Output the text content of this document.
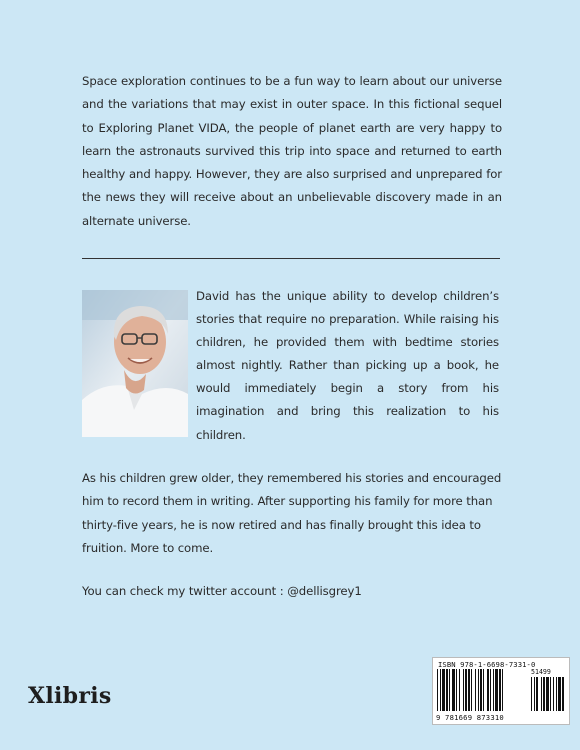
Space exploration continues to be a fun way to learn about our universe and the variations that may exist in outer space. In this fictional sequel to Exploring Planet VIDA, the people of planet earth are very happy to learn the astronauts survived this trip into space and returned to earth healthy and happy. However, they are also surprised and unprepared for the news they will receive about an unbelievable discovery made in an alternate universe.
David has the unique ability to develop children’s stories that require no preparation. While raising his children, he provided them with bedtime stories almost nightly. Rather than picking up a book, he would immediately begin a story from his imagination and bring this realization to his children.
As his children grew older, they remembered his stories and encouraged him to record them in writing. After supporting his family for more than thirty-five years, he is now retired and has finally brought this idea to fruition. More to come.
You can check my twitter account : @dellisgrey1
Xlibris
ISBN 978-1-6698-7331-0
51499
9 781669 873310
